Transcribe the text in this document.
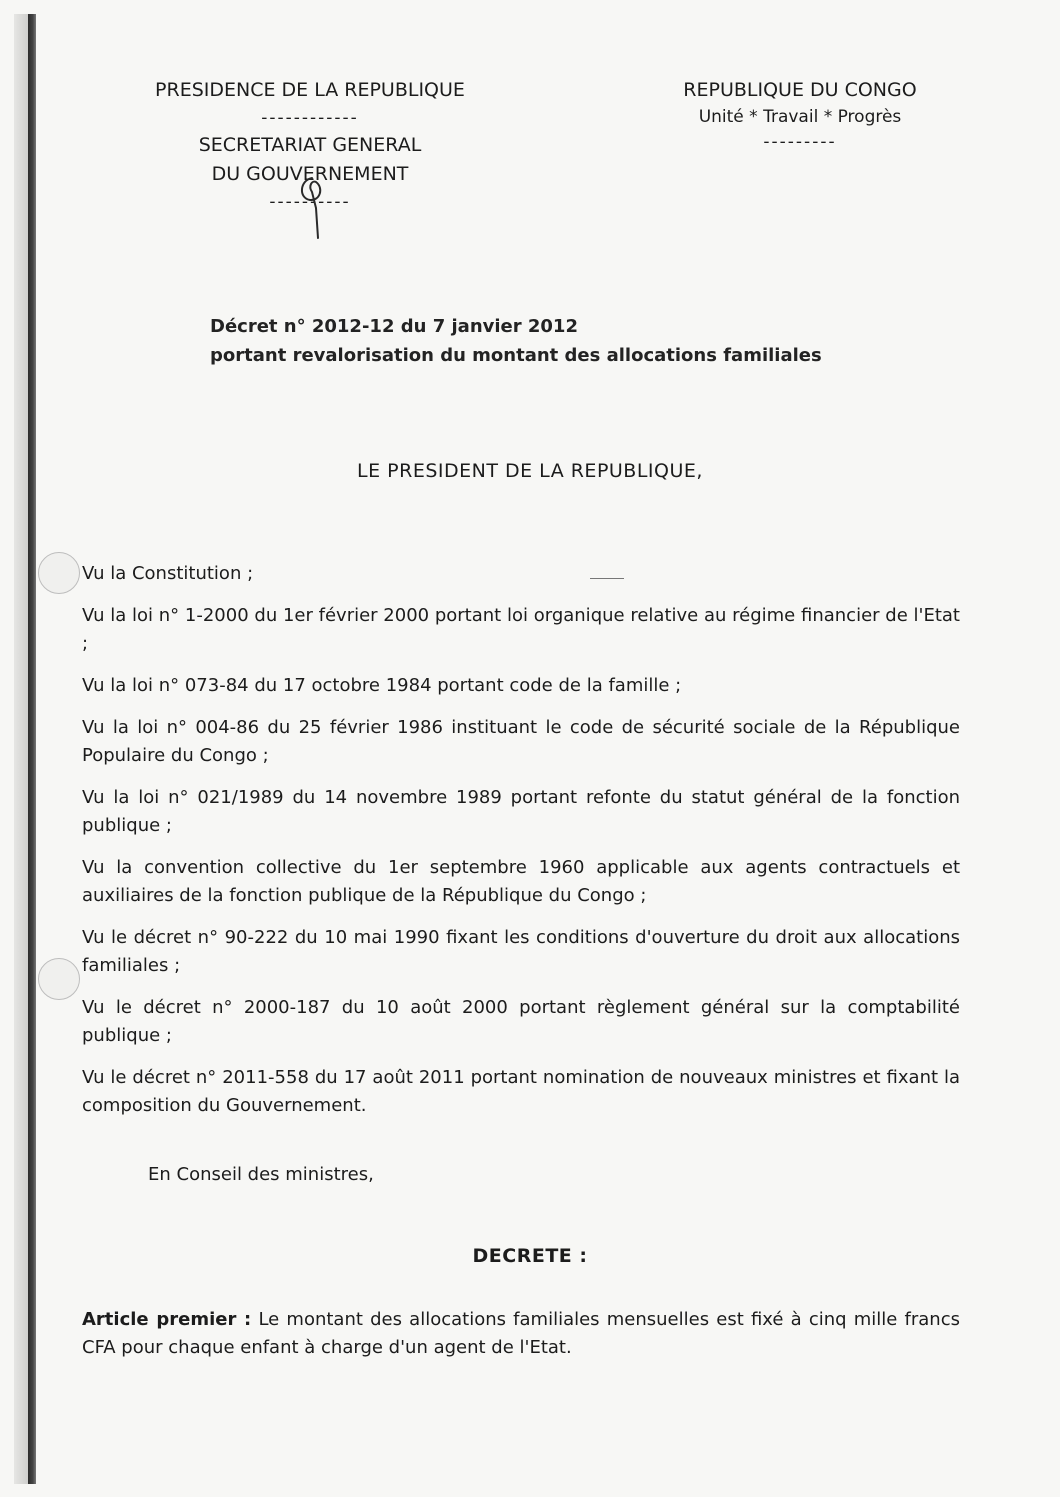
PRESIDENCE DE LA REPUBLIQUE
------------
SECRETARIAT GENERAL
DU GOUVERNEMENT
----------
REPUBLIQUE DU CONGO
Unité * Travail * Progrès
---------
Décret n° 2012-12 du 7 janvier 2012
portant revalorisation du montant des allocations familiales
LE PRESIDENT DE LA REPUBLIQUE,

Vu la Constitution ;

Vu la loi n° 1-2000 du 1er février 2000 portant loi organique relative au régime financier de l'Etat ;

Vu la loi n° 073-84 du 17 octobre 1984 portant code de la famille ;

Vu la loi n° 004-86 du 25 février 1986 instituant le code de sécurité sociale de la République Populaire du Congo ;

Vu la loi n° 021/1989 du 14 novembre 1989 portant refonte du statut général de la fonction publique ;

Vu la convention collective du 1er septembre 1960 applicable aux agents contractuels et auxiliaires de la fonction publique de la République du Congo ;

Vu le décret n° 90-222 du 10 mai 1990 fixant les conditions d'ouverture du droit aux allocations familiales ;

Vu le décret n° 2000-187 du 10 août 2000 portant règlement général sur la comptabilité publique ;

Vu le décret n° 2011-558 du 17 août 2011 portant nomination de nouveaux ministres et fixant la composition du Gouvernement.

En Conseil des ministres,
DECRETE :
Article premier : Le montant des allocations familiales mensuelles est fixé à cinq mille francs CFA pour chaque enfant à charge d'un agent de l'Etat.
